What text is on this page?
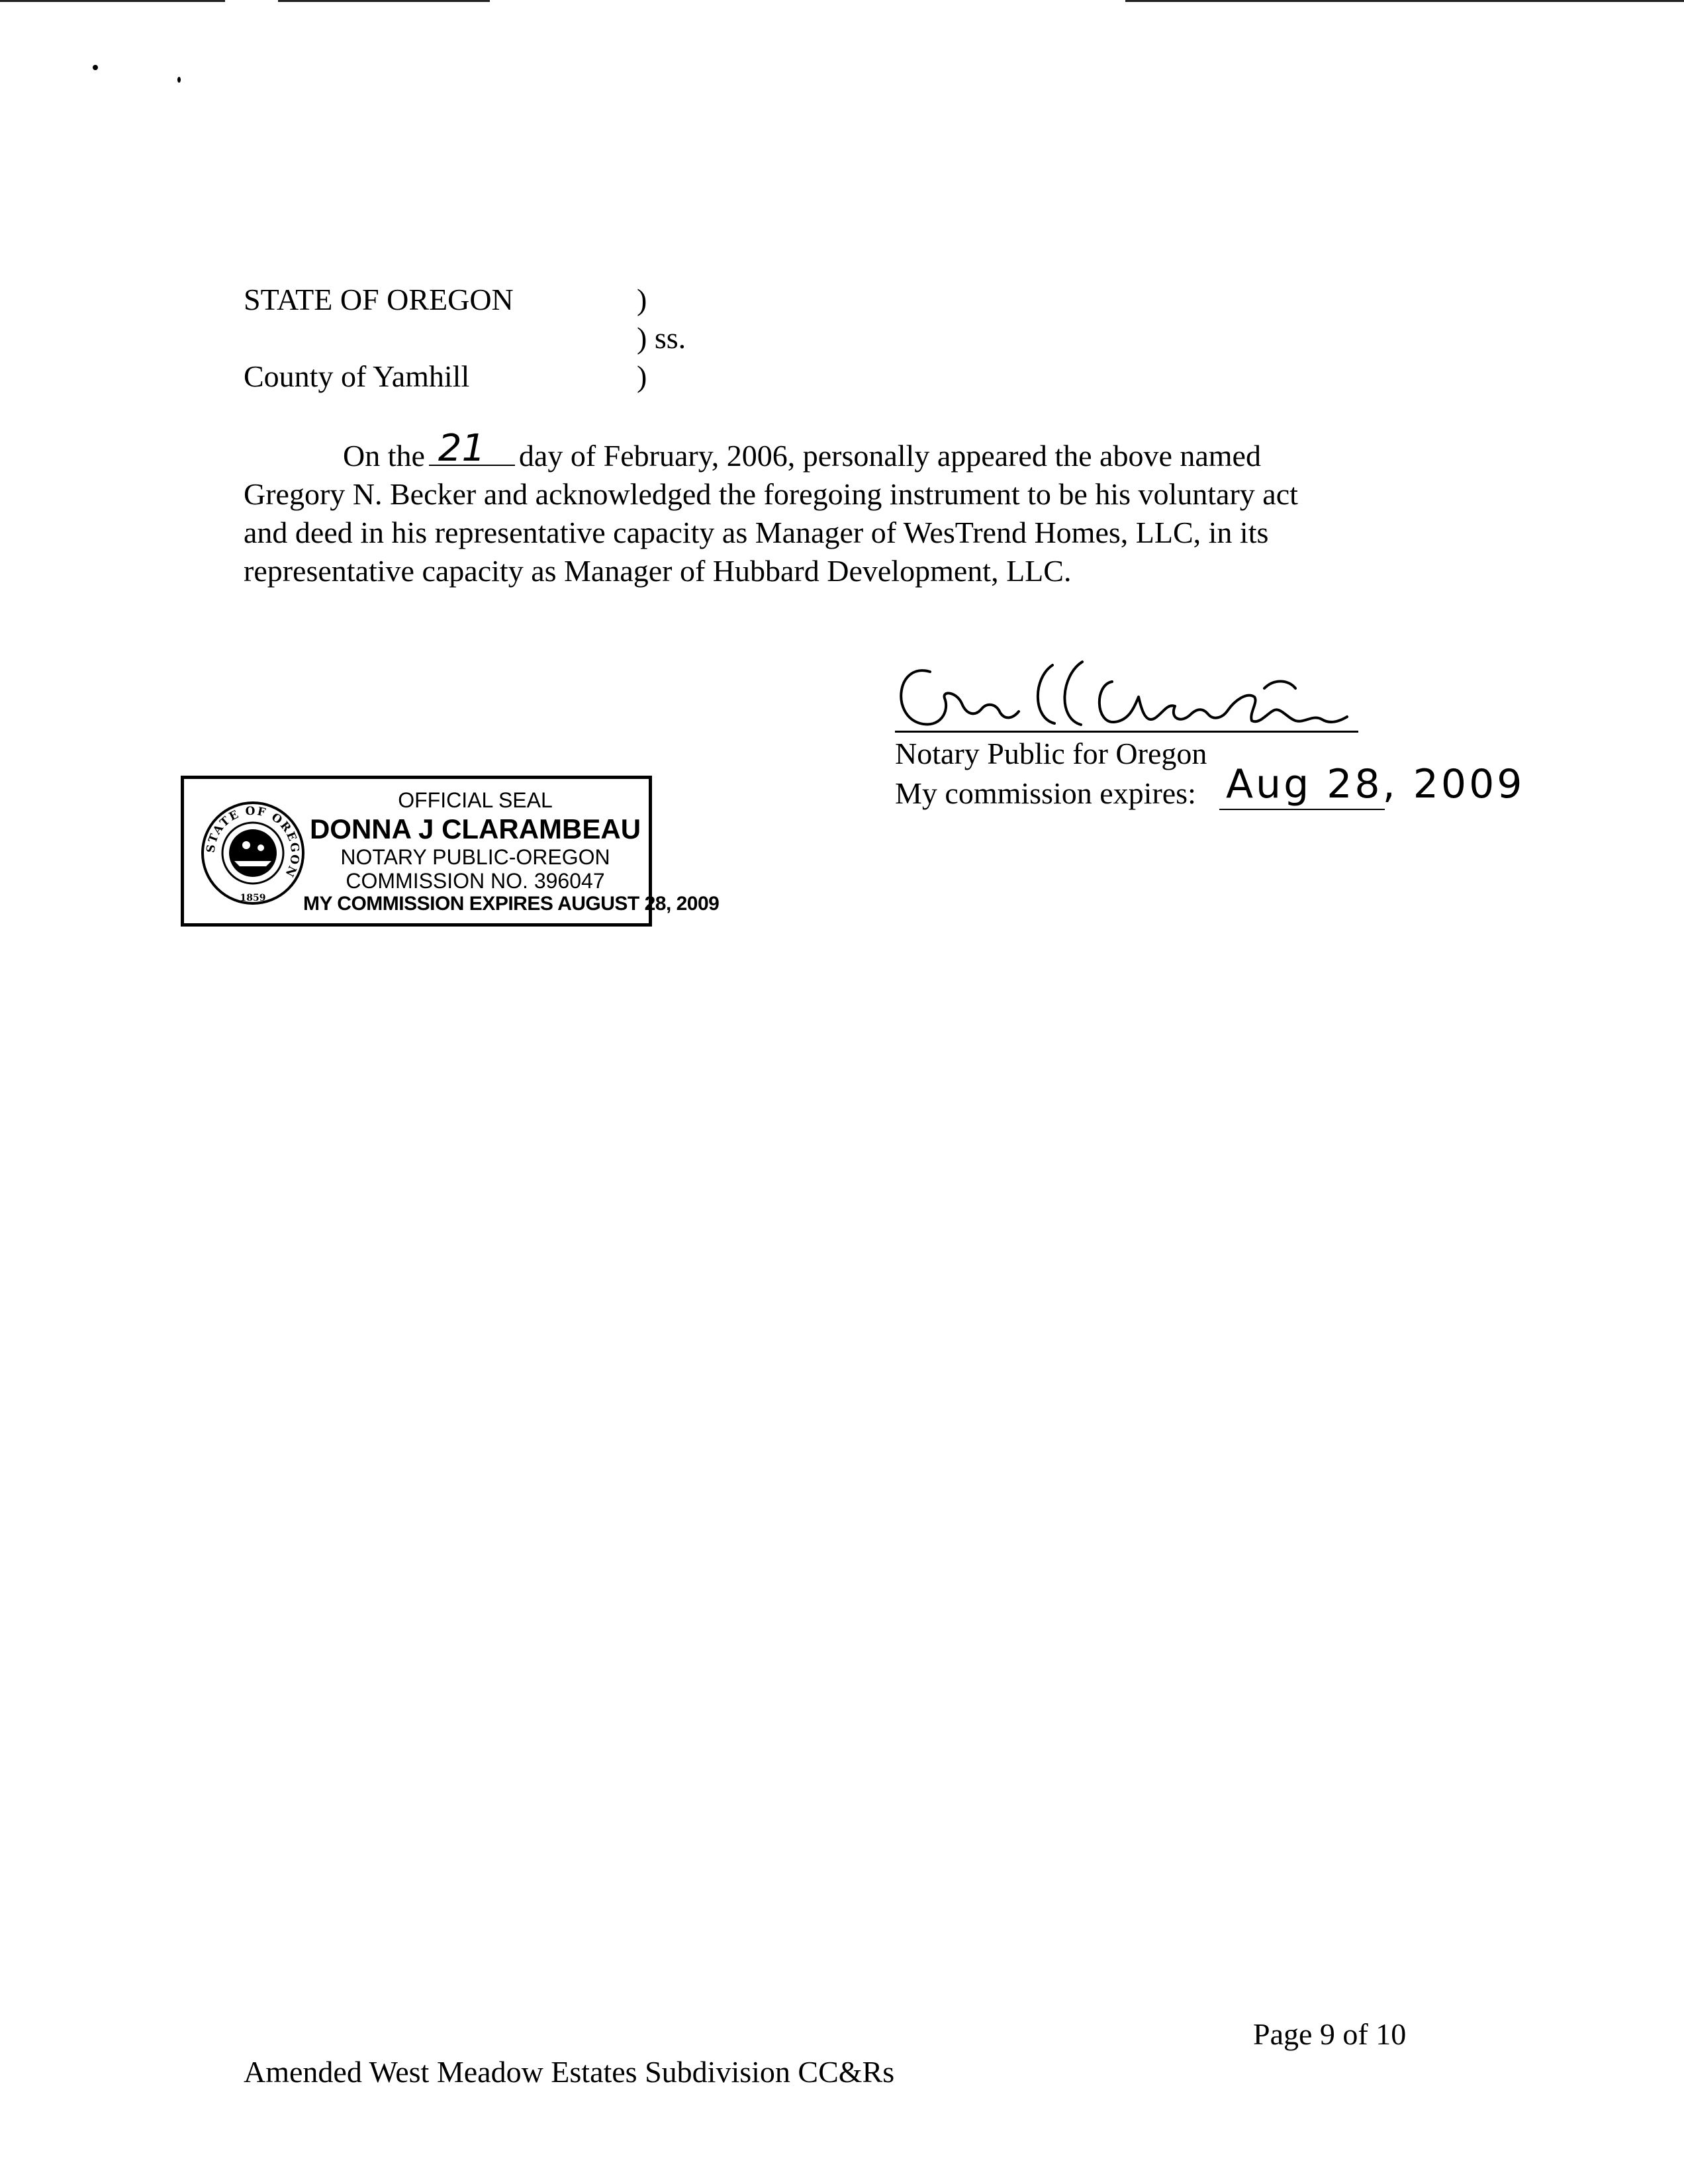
STATE OF OREGON	)
) ss.
County of Yamhill	)
On the 21 day of February, 2006, personally appeared the above named
Gregory N. Becker and acknowledged the foregoing instrument to be his voluntary act
and deed in his representative capacity as Manager of WesTrend Homes, LLC, in its
representative capacity as Manager of Hubbard Development, LLC.
Notary Public for Oregon
My commission expires: Aug 28, 2009
STATE OF OREGON
1859
OFFICIAL SEAL
DONNA J CLARAMBEAU
NOTARY PUBLIC-OREGON
COMMISSION NO. 396047
MY COMMISSION EXPIRES AUGUST 28, 2009
Page 9 of 10
Amended West Meadow Estates Subdivision CC&Rs
